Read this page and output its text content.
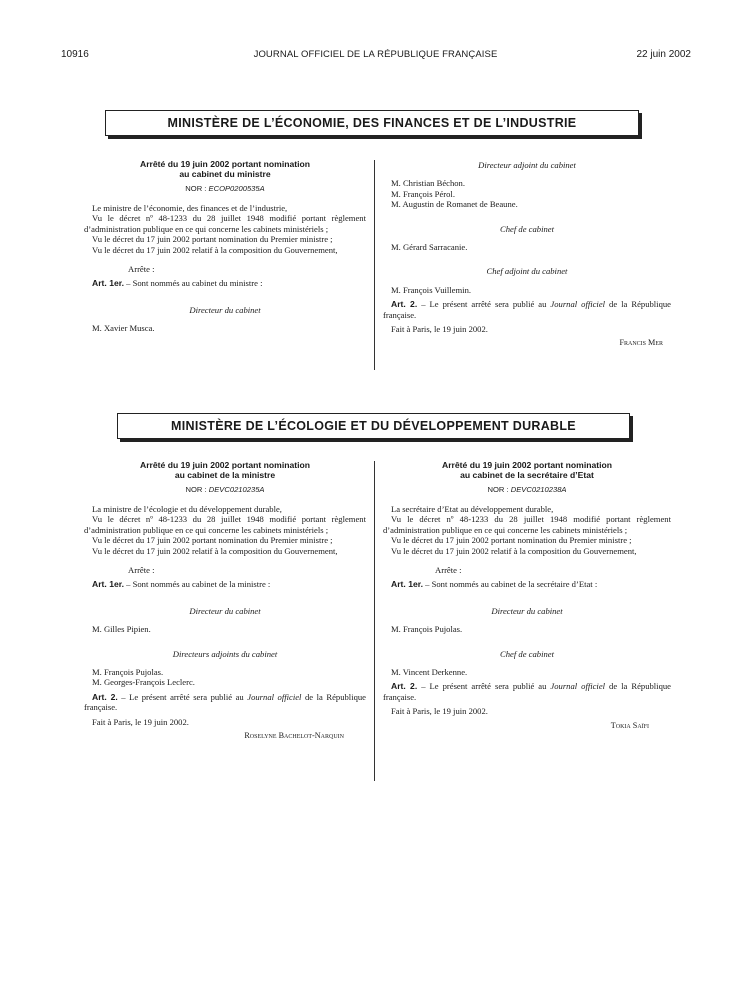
JOURNAL OFFICIEL DE LA RÉPUBLIQUE FRANÇAISE
10916	22 juin 2002
MINISTÈRE DE L’ÉCONOMIE, DES FINANCES ET DE L’INDUSTRIE

Arrêté du 19 juin 2002 portant nomination

au cabinet du ministre

NOR : ECOP0200535A

Le ministre de l’économie, des finances et de l’industrie,

Vu le décret nº 48-1233 du 28 juillet 1948 modifié portant règlement d’administration publique en ce qui concerne les cabinets ministériels ;

Vu le décret du 17 juin 2002 portant nomination du Premier ministre ;

Vu le décret du 17 juin 2002 relatif à la composition du Gouvernement,

Arrête :

Art. 1er. – Sont nommés au cabinet du ministre :

Directeur du cabinet

M. Xavier Musca.

Directeur adjoint du cabinet

M. Christian Béchon.

M. François Pérol.

M. Augustin de Romanet de Beaune.

Chef de cabinet

M. Gérard Sarracanie.

Chef adjoint du cabinet

M. François Vuillemin.

Art. 2. – Le présent arrêté sera publié au Journal officiel de la République française.

Fait à Paris, le 19 juin 2002.

Francis Mer

MINISTÈRE DE L’ÉCOLOGIE ET DU DÉVELOPPEMENT DURABLE

Arrêté du 19 juin 2002 portant nomination

au cabinet de la ministre

NOR : DEVC0210235A

La ministre de l’écologie et du développement durable,

Vu le décret nº 48-1233 du 28 juillet 1948 modifié portant règlement d’administration publique en ce qui concerne les cabinets ministériels ;

Vu le décret du 17 juin 2002 portant nomination du Premier ministre ;

Vu le décret du 17 juin 2002 relatif à la composition du Gouvernement,

Arrête :

Art. 1er. – Sont nommés au cabinet de la ministre :

Directeur du cabinet

M. Gilles Pipien.

Directeurs adjoints du cabinet

M. François Pujolas.

M. Georges-François Leclerc.

Art. 2. – Le présent arrêté sera publié au Journal officiel de la République française.

Fait à Paris, le 19 juin 2002.

Roselyne Bachelot-Narquin

Arrêté du 19 juin 2002 portant nomination

au cabinet de la secrétaire d’Etat

NOR : DEVC0210238A

La secrétaire d’Etat au développement durable,

Vu le décret nº 48-1233 du 28 juillet 1948 modifié portant règlement d’administration publique en ce qui concerne les cabinets ministériels ;

Vu le décret du 17 juin 2002 portant nomination du Premier ministre ;

Vu le décret du 17 juin 2002 relatif à la composition du Gouvernement,

Arrête :

Art. 1er. – Sont nommés au cabinet de la secrétaire d’Etat :

Directeur du cabinet

M. François Pujolas.

Chef de cabinet

M. Vincent Derkenne.

Art. 2. – Le présent arrêté sera publié au Journal officiel de la République française.

Fait à Paris, le 19 juin 2002.

Tokia Saïfi
